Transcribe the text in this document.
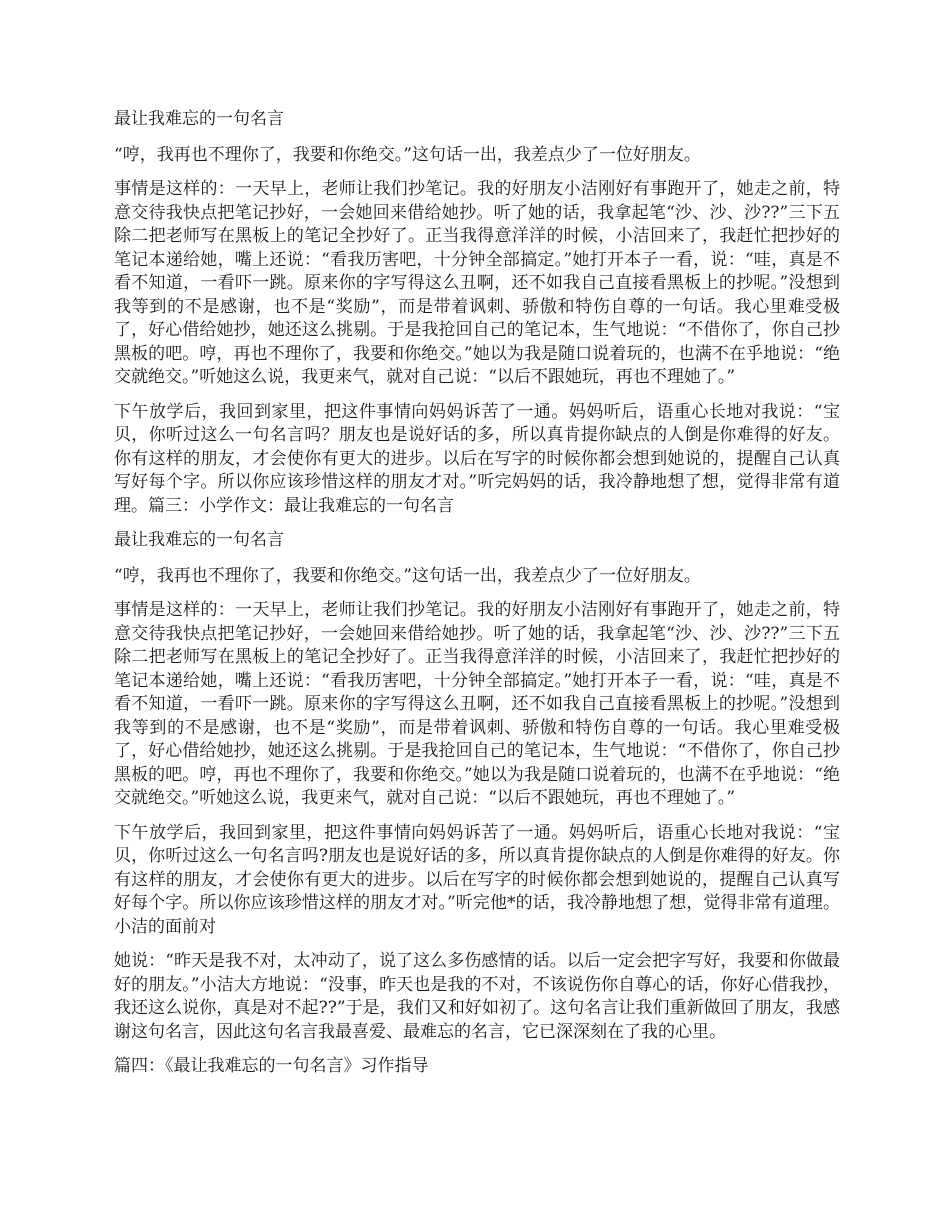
最让我难忘的一句名言

“哼，我再也不理你了，我要和你绝交。”这句话一出，我差点少了一位好朋友。

事情是这样的：一天早上，老师让我们抄笔记。我的好朋友小洁刚好有事跑开了，她走之前，特意交待我快点把笔记抄好，一会她回来借给她抄。听了她的话，我拿起笔“沙、沙、沙??”三下五除二把老师写在黑板上的笔记全抄好了。正当我得意洋洋的时候，小洁回来了，我赶忙把抄好的笔记本递给她，嘴上还说：“看我历害吧，十分钟全部搞定。”她打开本子一看，说：“哇，真是不看不知道，一看吓一跳。原来你的字写得这么丑啊，还不如我自己直接看黑板上的抄呢。”没想到我等到的不是感谢，也不是“奖励”，而是带着讽刺、骄傲和特伤自尊的一句话。我心里难受极了，好心借给她抄，她还这么挑剔。于是我抢回自己的笔记本，生气地说：“不借你了，你自己抄黑板的吧。哼，再也不理你了，我要和你绝交。”她以为我是随口说着玩的，也满不在乎地说：“绝交就绝交。”听她这么说，我更来气，就对自己说：“以后不跟她玩，再也不理她了。”

下午放学后，我回到家里，把这件事情向妈妈诉苦了一通。妈妈听后，语重心长地对我说：“宝贝，你听过这么一句名言吗？朋友也是说好话的多，所以真肯提你缺点的人倒是你难得的好友。你有这样的朋友，才会使你有更大的进步。以后在写字的时候你都会想到她说的，提醒自己认真写好每个字。所以你应该珍惜这样的朋友才对。”听完妈妈的话，我冷静地想了想，觉得非常有道理。篇三：小学作文：最让我难忘的一句名言

最让我难忘的一句名言

“哼，我再也不理你了，我要和你绝交。”这句话一出，我差点少了一位好朋友。

事情是这样的：一天早上，老师让我们抄笔记。我的好朋友小洁刚好有事跑开了，她走之前，特意交待我快点把笔记抄好，一会她回来借给她抄。听了她的话，我拿起笔“沙、沙、沙??”三下五除二把老师写在黑板上的笔记全抄好了。正当我得意洋洋的时候，小洁回来了，我赶忙把抄好的笔记本递给她，嘴上还说：“看我历害吧，十分钟全部搞定。”她打开本子一看，说：“哇，真是不看不知道，一看吓一跳。原来你的字写得这么丑啊，还不如我自己直接看黑板上的抄呢。”没想到我等到的不是感谢，也不是“奖励”，而是带着讽刺、骄傲和特伤自尊的一句话。我心里难受极了，好心借给她抄，她还这么挑剔。于是我抢回自己的笔记本，生气地说：“不借你了，你自己抄黑板的吧。哼，再也不理你了，我要和你绝交。”她以为我是随口说着玩的，也满不在乎地说：“绝交就绝交。”听她这么说，我更来气，就对自己说：“以后不跟她玩，再也不理她了。”

下午放学后，我回到家里，把这件事情向妈妈诉苦了一通。妈妈听后，语重心长地对我说：“宝贝，你听过这么一句名言吗?朋友也是说好话的多，所以真肯提你缺点的人倒是你难得的好友。你有这样的朋友，才会使你有更大的进步。以后在写字的时候你都会想到她说的，提醒自己认真写好每个字。所以你应该珍惜这样的朋友才对。”听完他*的话，我冷静地想了想，觉得非常有道理。 小洁的面前对

她说：“昨天是我不对，太冲动了，说了这么多伤感情的话。以后一定会把字写好，我要和你做最好的朋友。”小洁大方地说：“没事，昨天也是我的不对，不该说伤你自尊心的话，你好心借我抄，我还这么说你，真是对不起??”于是，我们又和好如初了。这句名言让我们重新做回了朋友，我感谢这句名言，因此这句名言我最喜爱、最难忘的名言，它已深深刻在了我的心里。

篇四：《最让我难忘的一句名言》习作指导
